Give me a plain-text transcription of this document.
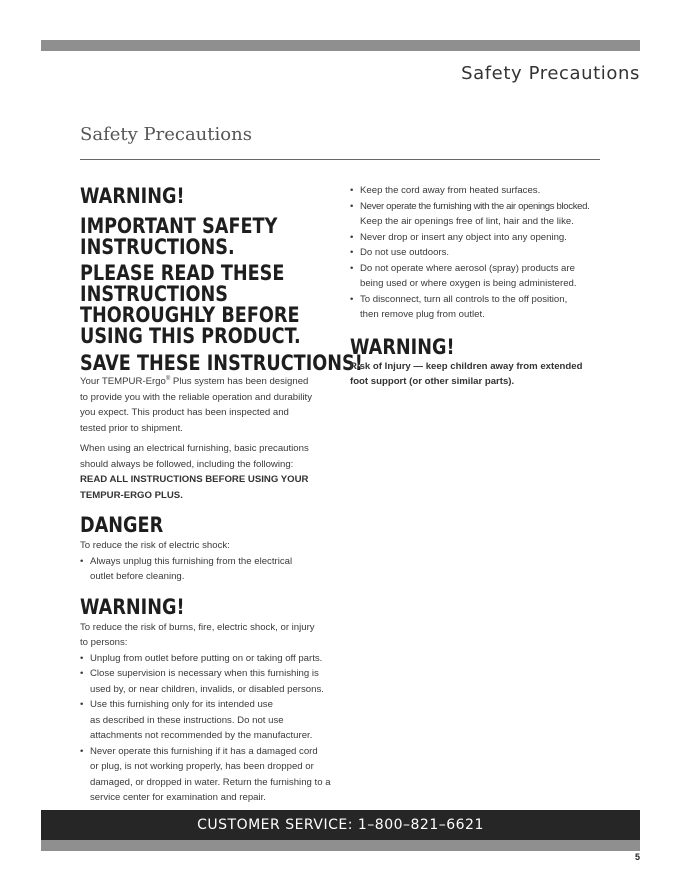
Safety Precautions
Safety Precautions
WARNING!
IMPORTANT SAFETY
INSTRUCTIONS.
PLEASE READ THESE
INSTRUCTIONS
THOROUGHLY BEFORE
USING THIS PRODUCT.
SAVE THESE INSTRUCTIONS!

Your TEMPUR-Ergo® Plus system has been designed

to provide you with the reliable operation and durability

you expect. This product has been inspected and

tested prior to shipment.

When using an electrical furnishing, basic precautions

should always be followed, including the following:

READ ALL INSTRUCTIONS BEFORE USING YOUR

TEMPUR-ERGO PLUS.

DANGER

To reduce the risk of electric shock:

• Always unplug this furnishing from the electrical
outlet before cleaning.
WARNING!

To reduce the risk of burns, fire, electric shock, or injury

to persons:

• Unplug from outlet before putting on or taking off parts.
• Close supervision is necessary when this furnishing is
used by, or near children, invalids, or disabled persons.
• Use this furnishing only for its intended use
as described in these instructions. Do not use
attachments not recommended by the manufacturer.
• Never operate this furnishing if it has a damaged cord
or plug, is not working properly, has been dropped or
damaged, or dropped in water. Return the furnishing to a
service center for examination and repair.
• Keep the cord away from heated surfaces.
• Never operate the furnishing with the air openings blocked.
Keep the air openings free of lint, hair and the like.
• Never drop or insert any object into any opening.
• Do not use outdoors.
• Do not operate where aerosol (spray) products are
being used or where oxygen is being administered.
• To disconnect, turn all controls to the off position,
then remove plug from outlet.
WARNING!

Risk of Injury — keep children away from extended

foot support (or other similar parts).

CUSTOMER SERVICE: 1–800–821–6621
5
